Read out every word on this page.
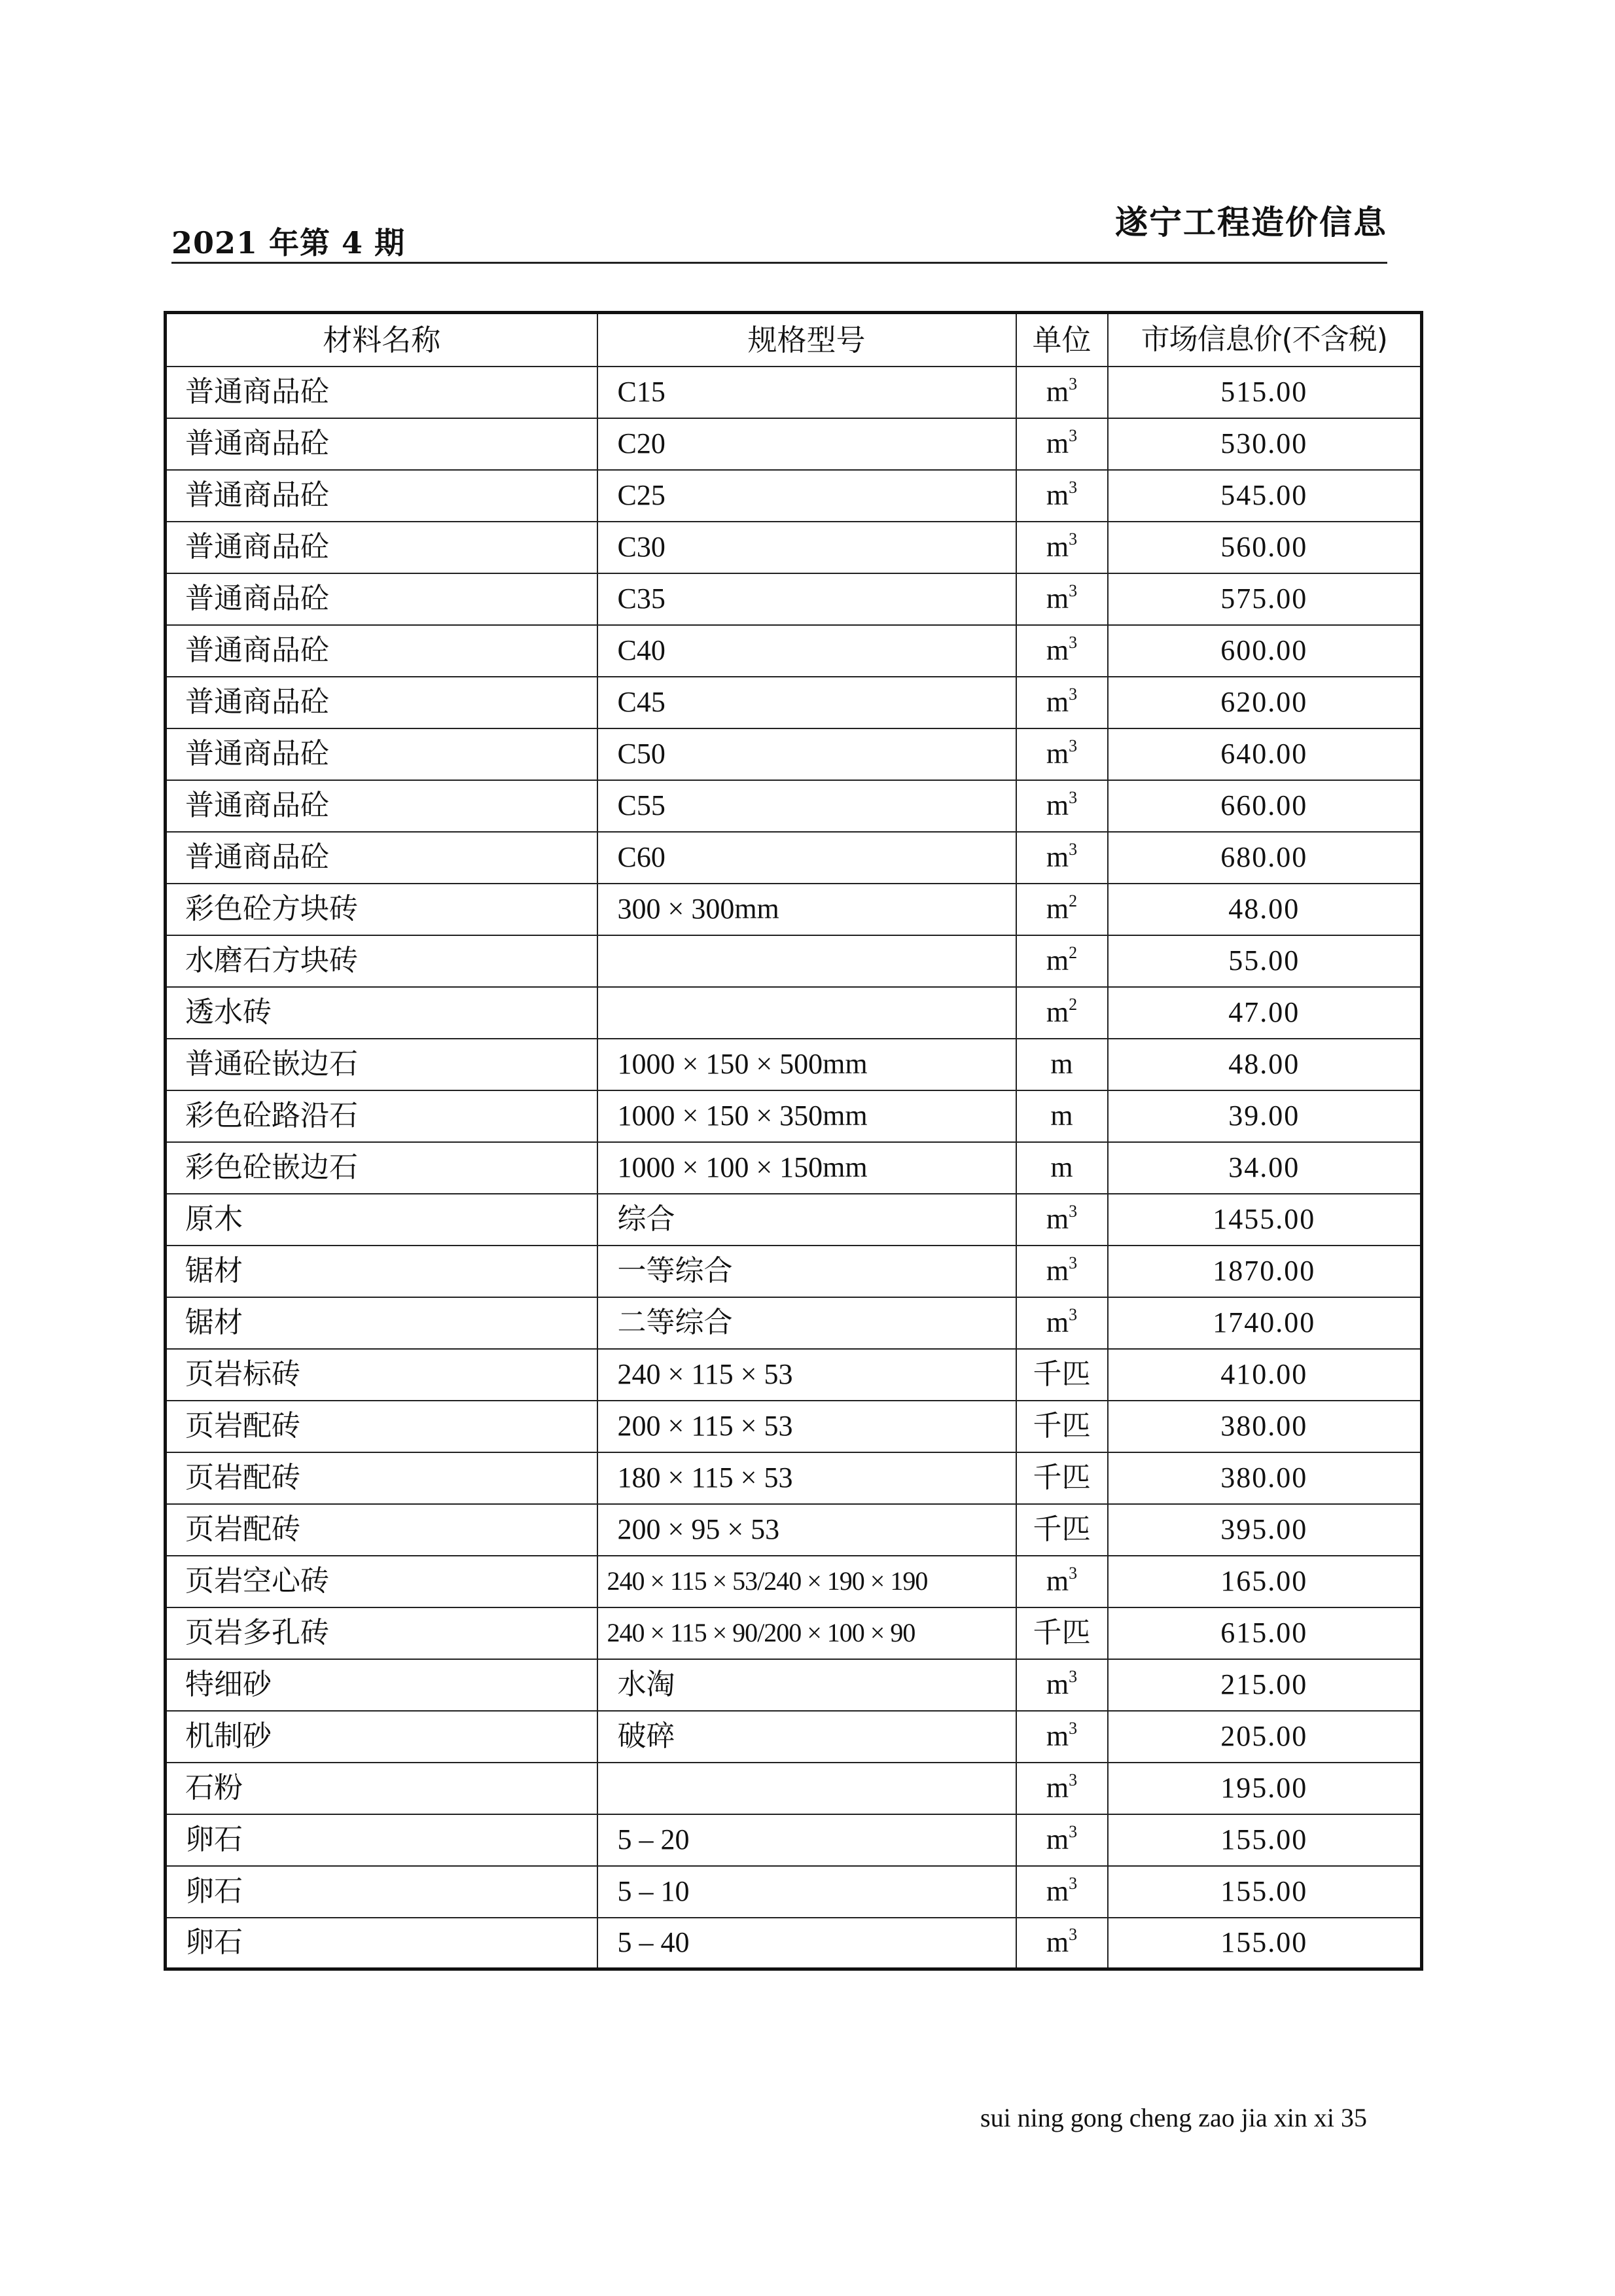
2021 年第 4 期
遂宁工程造价信息
材料名称	规格型号	单位	市场信息价(不含税)
普通商品砼	C15	$m^3$	515.00
普通商品砼	C20	$m^3$	530.00
普通商品砼	C25	$m^3$	545.00
普通商品砼	C30	$m^3$	560.00
普通商品砼	C35	$m^3$	575.00
普通商品砼	C40	$m^3$	600.00
普通商品砼	C45	$m^3$	620.00
普通商品砼	C50	$m^3$	640.00
普通商品砼	C55	$m^3$	660.00
普通商品砼	C60	$m^3$	680.00
彩色砼方块砖	300 × 300mm	$m^2$	48.00
水磨石方块砖		$m^2$	55.00
透水砖		$m^2$	47.00
普通砼嵌边石	1000 × 150 × 500mm	m	48.00
彩色砼路沿石	1000 × 150 × 350mm	m	39.00
彩色砼嵌边石	1000 × 100 × 150mm	m	34.00
原木	综合	$m^3$	1455.00
锯材	一等综合	$m^3$	1870.00
锯材	二等综合	$m^3$	1740.00
页岩标砖	240 × 115 × 53	千匹	410.00
页岩配砖	200 × 115 × 53	千匹	380.00
页岩配砖	180 × 115 × 53	千匹	380.00
页岩配砖	200 × 95 × 53	千匹	395.00
页岩空心砖	240 × 115 × 53/240 × 190 × 190	$m^3$	165.00
页岩多孔砖	240 × 115 × 90/200 × 100 × 90	千匹	615.00
特细砂	水淘	$m^3$	215.00
机制砂	破碎	$m^3$	205.00
石粉		$m^3$	195.00
卵石	5 – 20	$m^3$	155.00
卵石	5 – 10	$m^3$	155.00
卵石	5 – 40	$m^3$	155.00
sui ning gong cheng zao jia xin xi 35
